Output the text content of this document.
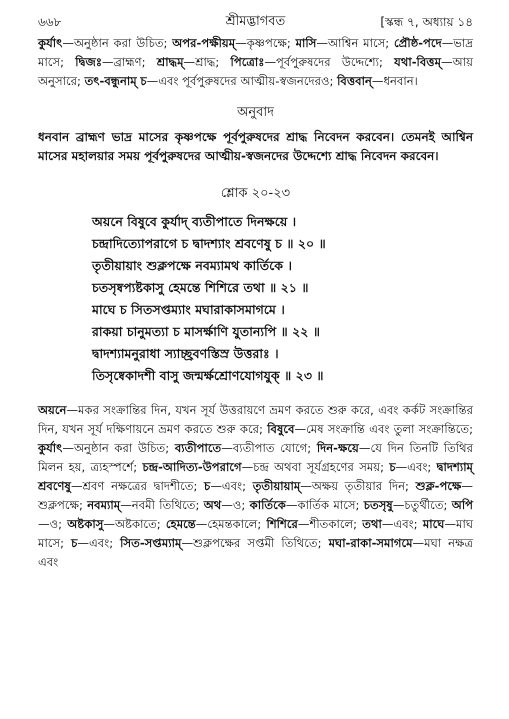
৬৬৮	শ্রীমদ্ভাগবত	[স্কন্ধ ৭, অধ্যায় ১৪

কুর্যাৎ—অনুষ্ঠান করা উচিত; অপর-পক্ষীয়ম্—কৃষ্ণপক্ষে; মাসি—আশ্বিন মাসে; প্রৌষ্ঠ-পদে—ভাদ্র মাসে; দ্বিজঃ—ব্রাহ্মণ; শ্রাদ্ধম্—শ্রাদ্ধ; পিত্রোঃ—পূর্বপুরুষদের উদ্দেশ্যে; যথা-বিত্তম্—আয় অনুসারে; তৎ-বন্ধুনাম্ চ—এবং পূর্বপুরুষদের আত্মীয়-স্বজনদেরও; বিত্তবান্—ধনবান।

অনুবাদ

ধনবান ব্রাহ্মণ ভাদ্র মাসের কৃষ্ণপক্ষে পূর্বপুরুষদের শ্রাদ্ধ নিবেদন করবেন। তেমনই আশ্বিন মাসের মহালয়ার সময় পূর্বপুরুষদের আত্মীয়-স্বজনদের উদ্দেশ্যে শ্রাদ্ধ নিবেদন করবেন।

শ্লোক ২০-২৩
অয়নে বিষুবে কুর্যাদ্ ব্যতীপাতে দিনক্ষয়ে ।
চন্দ্রাদিত্যোপরাগে চ দ্বাদশ্যাং শ্রবণেষু চ ॥ ২০ ॥
তৃতীয়ায়াং শুক্লপক্ষে নবম্যামথ কার্তিকে ।
চতসৃষ্বপ্যষ্টকাসু হেমন্তে শিশিরে তথা ॥ ২১ ॥
মাঘে চ সিতসপ্তম্যাং মঘারাকাসমাগমে ।
রাকয়া চানুমত্যা চ মাসর্ক্ষাণি যুতান্যপি ॥ ২২ ॥
দ্বাদশ্যামনুরাধা স্যাচ্ছ্রবণস্তিস্র উত্তরাঃ ।
তিসৃষ্বেকাদশী বাসু জন্মর্ক্ষশ্রোণযোগযুক্ ॥ ২৩ ॥

অয়নে—মকর সংক্রান্তির দিন, যখন সূর্য উত্তরায়ণে ভ্রমণ করতে শুরু করে, এবং কর্কট সংক্রান্তির দিন, যখন সূর্য দক্ষিণায়নে ভ্রমণ করতে শুরু করে; বিষুবে—মেষ সংক্রান্তি এবং তুলা সংক্রান্তিতে; কুর্যাৎ—অনুষ্ঠান করা উচিত; ব্যতীপাতে—ব্যতীপাত যোগে; দিন-ক্ষয়ে—যে দিন তিনটি তিথির মিলন হয়, ত্র্যহস্পর্শে; চন্দ্র-আদিত্য-উপরাগে—চন্দ্র অথবা সূর্যগ্রহণের সময়; চ—এবং; দ্বাদশ্যাম্ শ্রবণেষু—শ্রবণ নক্ষত্রের দ্বাদশীতে; চ—এবং; তৃতীয়ায়াম্—অক্ষয় তৃতীয়ার দিন; শুক্ল-পক্ষে—শুক্লপক্ষে; নবম্যাম্—নবমী তিথিতে; অথ—ও; কার্তিকে—কার্তিক মাসে; চতসৃষু—চতুর্থীতে; অপি—ও; অষ্টকাসু—অষ্টকাতে; হেমন্তে—হেমন্তকালে; শিশিরে—শীতকালে; তথা—এবং; মাঘে—মাঘ মাসে; চ—এবং; সিত-সপ্তম্যাম্—শুক্লপক্ষের সপ্তমী তিথিতে; মঘা-রাকা-সমাগমে—মঘা নক্ষত্র এবং
